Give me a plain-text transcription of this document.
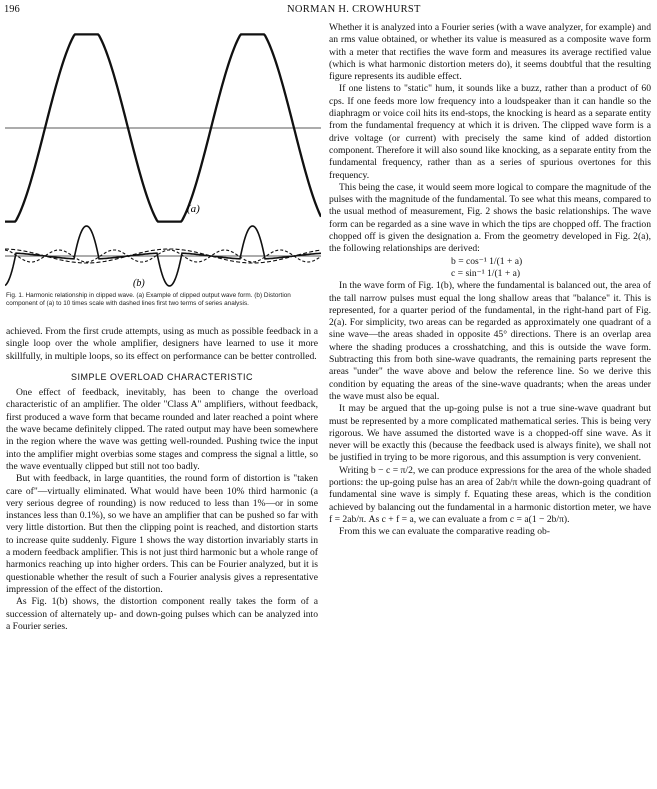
196	NORMAN H. CROWHURST
(a)
(b)
Fig. 1. Harmonic relationship in clipped wave. (a) Example of clipped output wave form. (b) Distortion component of (a) to 10 times scale with dashed lines first two terms of series analysis.

achieved. From the first crude attempts, using as much as possible feedback in a single loop over the whole amplifier, designers have learned to use it more skillfully, in multiple loops, so its effect on performance can be better controlled.

SIMPLE OVERLOAD CHARACTERISTIC

One effect of feedback, inevitably, has been to change the overload characteristic of an amplifier. The older "Class A" amplifiers, without feedback, first produced a wave form that became rounded and later reached a point where the wave became definitely clipped. The rated output may have been somewhere in the region where the wave was getting well-rounded. Pushing twice the input into the amplifier might overbias some stages and compress the signal a little, so the wave eventually clipped but still not too badly.

But with feedback, in large quantities, the round form of distortion is "taken care of"—virtually eliminated. What would have been 10% third harmonic (a very serious degree of rounding) is now reduced to less than 1%—or in some instances less than 0.1%), so we have an amplifier that can be pushed so far with very little distortion. But then the clipping point is reached, and distortion starts to increase quite suddenly. Figure 1 shows the way distortion invariably starts in a modern feedback amplifier. This is not just third harmonic but a whole range of harmonics reaching up into higher orders. This can be Fourier analyzed, but it is questionable whether the result of such a Fourier analysis gives a representative impression of the effect of the distortion.

As Fig. 1(b) shows, the distortion component really takes the form of a succession of alternately up- and down-going pulses which can be analyzed into a Fourier series.

Whether it is analyzed into a Fourier series (with a wave analyzer, for example) and an rms value obtained, or whether its value is measured as a composite wave form with a meter that rectifies the wave form and measures its average rectified value (which is what harmonic distortion meters do), it seems doubtful that the resulting figure represents its audible effect.

If one listens to "static" hum, it sounds like a buzz, rather than a product of 60 cps. If one feeds more low frequency into a loudspeaker than it can handle so the diaphragm or voice coil hits its end-stops, the knocking is heard as a separate entity from the fundamental frequency at which it is driven. The clipped wave form is a drive voltage (or current) with precisely the same kind of added distortion component. Therefore it will also sound like knocking, as a separate entity from the fundamental frequency, rather than as a series of spurious overtones for this frequency.

This being the case, it would seem more logical to compare the magnitude of the pulses with the magnitude of the fundamental. To see what this means, compared to the usual method of measurement, Fig. 2 shows the basic relationships. The wave form can be regarded as a sine wave in which the tips are chopped off. The fraction chopped off is given the designation a. From the geometry developed in Fig. 2(a), the following relationships are derived:

b = cos⁻¹ 1/(1 + a)
c = sin⁻¹ 1/(1 + a)

In the wave form of Fig. 1(b), where the fundamental is balanced out, the area of the tall narrow pulses must equal the long shallow areas that "balance" it. This is represented, for a quarter period of the fundamental, in the right-hand part of Fig. 2(a). For simplicity, two areas can be regarded as approximately one quadrant of a sine wave—the areas shaded in opposite 45° directions. There is an overlap area where the shading produces a crosshatching, and this is outside the wave form. Subtracting this from both sine-wave quadrants, the remaining parts represent the areas "under" the wave above and below the reference line. So we derive this condition by equating the areas of the sine-wave quadrants; when the areas under the wave must also be equal.

It may be argued that the up-going pulse is not a true sine-wave quadrant but must be represented by a more complicated mathematical series. This is being very rigorous. We have assumed the distorted wave is a chopped-off sine wave. As it never will be exactly this (because the feedback used is always finite), we shall not be justified in trying to be more rigorous, and this assumption is very convenient.

Writing b − c = π/2, we can produce expressions for the area of the whole shaded portions: the up-going pulse has an area of 2ab/π while the down-going quadrant of fundamental sine wave is simply f. Equating these areas, which is the condition achieved by balancing out the fundamental in a harmonic distortion meter, we have f = 2ab/π. As c + f = a, we can evaluate a from c = a(1 − 2b/π).

From this we can evaluate the comparative reading ob-
